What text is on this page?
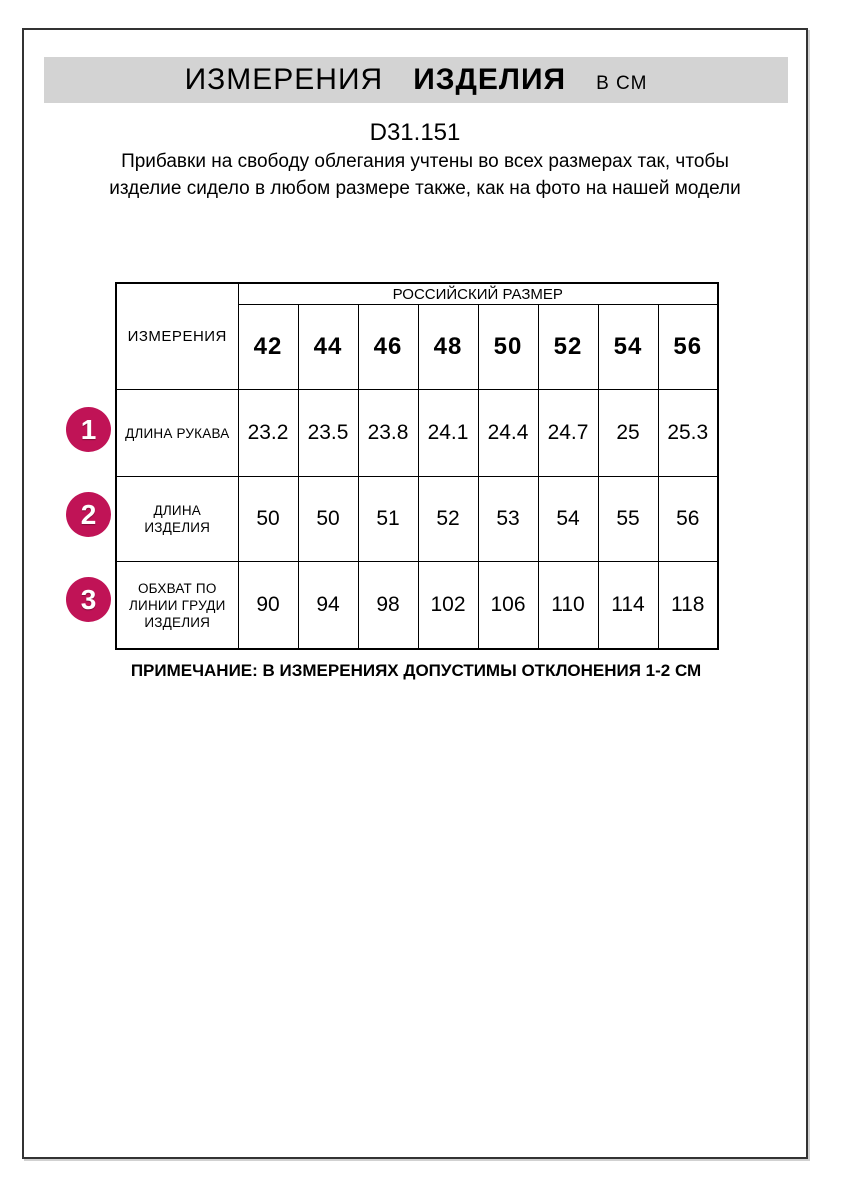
ИЗМЕРЕНИЯ ИЗДЕЛИЯ В СМ
D31.151
Прибавки на свободу облегания учтены во всех размерах так, чтобы изделие сидело в любом размере также, как на фото на нашей модели
ИЗМЕРЕНИЯ	РОССИЙСКИЙ РАЗМЕР							
	42	44	46	48	50	52	54	56

ДЛИНА РУКАВА	23.2	23.5	23.8	24.1	24.4	24.7	25	25.3

ДЛИНА
ИЗДЕЛИЯ	50	50	51	52	53	54	55	56

ОБХВАТ ПО
ЛИНИИ ГРУДИ
ИЗДЕЛИЯ	90	94	98	102	106	110	114	118
1
2
3
ПРИМЕЧАНИЕ: В ИЗМЕРЕНИЯХ ДОПУСТИМЫ ОТКЛОНЕНИЯ 1-2 СМ
